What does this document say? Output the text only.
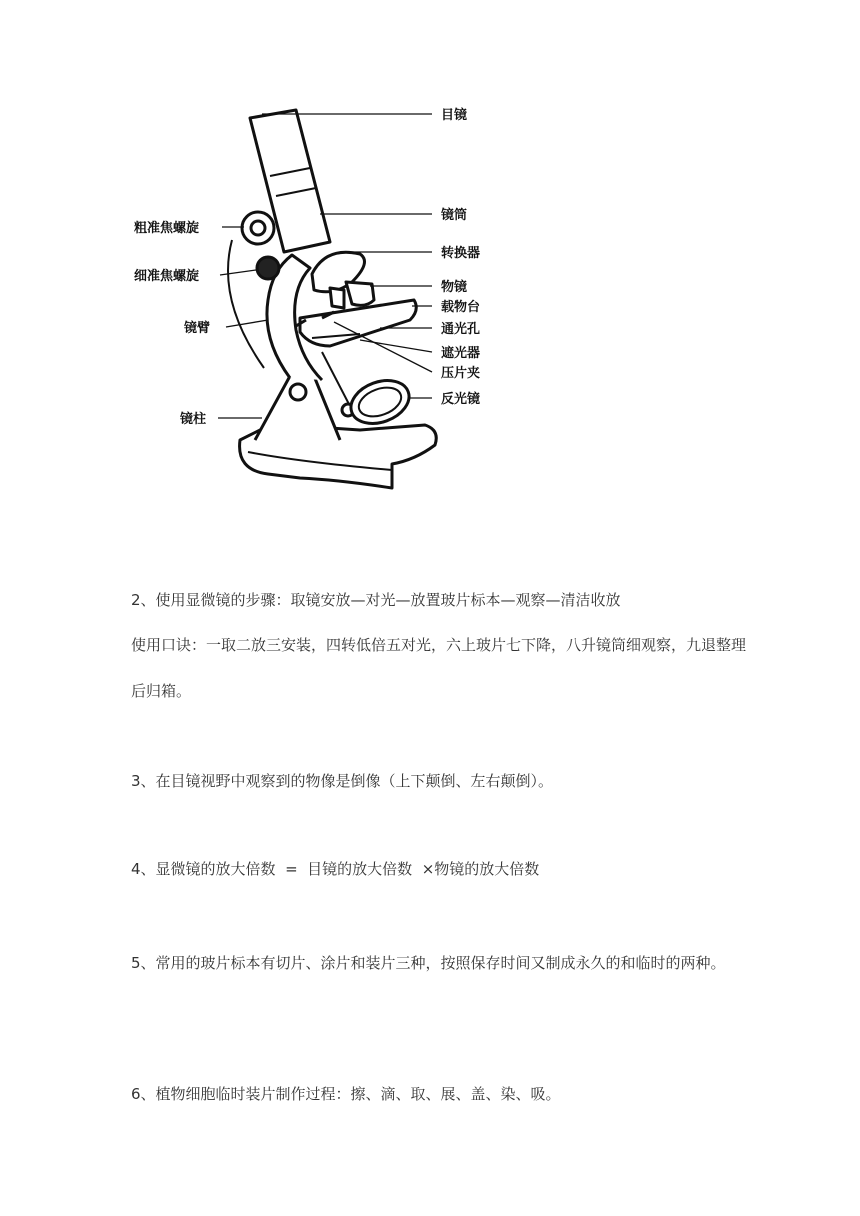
目镜
镜筒
粗准焦螺旋
转换器
细准焦螺旋
物镜
载物台
镜臂	通光孔
遮光器
压片夹
反光镜
镜柱

2、使用显微镜的步骤：取镜安放—对光—放置玻片标本—观察—清洁收放

使用口诀：一取二放三安装，四转低倍五对光，六上玻片七下降，八升镜筒细观察，九退整理后归箱。

3、在目镜视野中观察到的物像是倒像（上下颠倒、左右颠倒）。

4、显微镜的放大倍数  =  目镜的放大倍数  ×物镜的放大倍数

5、常用的玻片标本有切片、涂片和装片三种，按照保存时间又制成永久的和临时的两种。

6、植物细胞临时装片制作过程：擦、滴、取、展、盖、染、吸。
